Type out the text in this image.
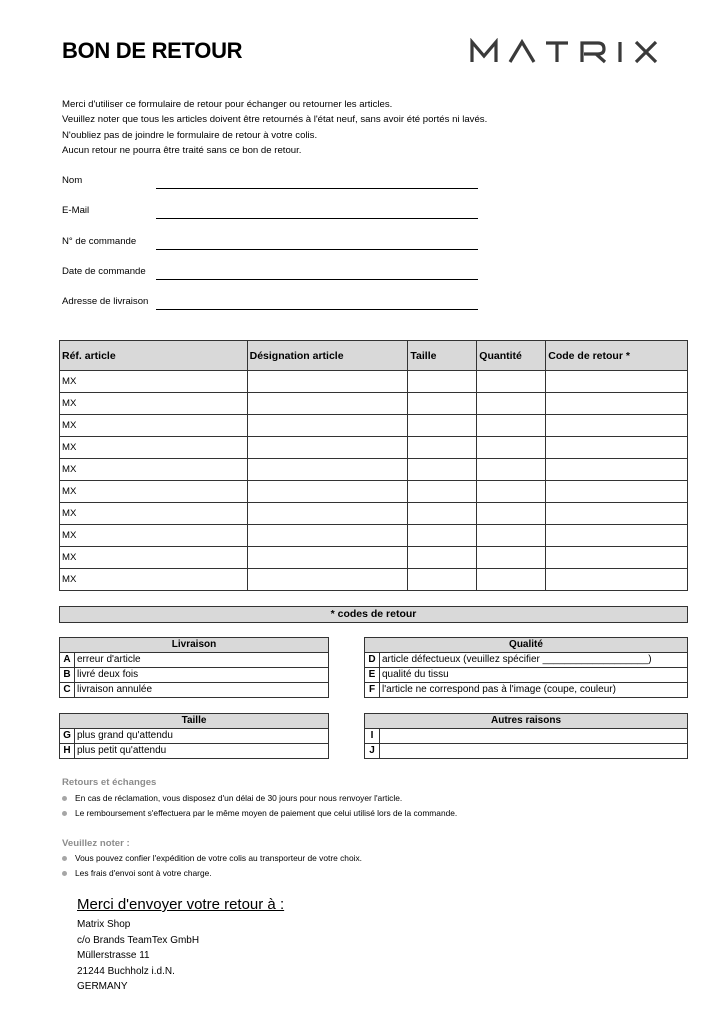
BON DE RETOUR
Merci d'utiliser ce formulaire de retour pour échanger ou retourner les articles.
Veuillez noter que tous les articles doivent être retournés à l'état neuf, sans avoir été portés ni lavés.
N'oubliez pas de joindre le formulaire de retour à votre colis.
Aucun retour ne pourra être traité sans ce bon de retour.
Nom
E-Mail
N° de commande
Date de commande
Adresse de livraison
Réf. article	Désignation article	Taille	Quantité	Code de retour *
MX				
MX				
MX				
MX				
MX				
MX				
MX				
MX				
MX				
MX				
* codes de retour
Livraison	
A	erreur d'article
B	livré deux fois
C	livraison annulée
Qualité	
D	article défectueux (veuillez spécifier ___________________)
E	qualité du tissu
F	l'article ne correspond pas à l'image (coupe, couleur)
Taille	
G	plus grand qu'attendu
H	plus petit qu'attendu
Autres raisons	
I	
J	
Retours et échanges
En cas de réclamation, vous disposez d'un délai de 30 jours pour nous renvoyer l'article.
Le remboursement s'effectuera par le même moyen de paiement que celui utilisé lors de la commande.
Veuillez noter :
Vous pouvez confier l'expédition de votre colis au transporteur de votre choix.
Les frais d'envoi sont à votre charge.
Merci d'envoyer votre retour à :
Matrix Shop
c/o Brands TeamTex GmbH
Müllerstrasse 11
21244 Buchholz i.d.N.
GERMANY
